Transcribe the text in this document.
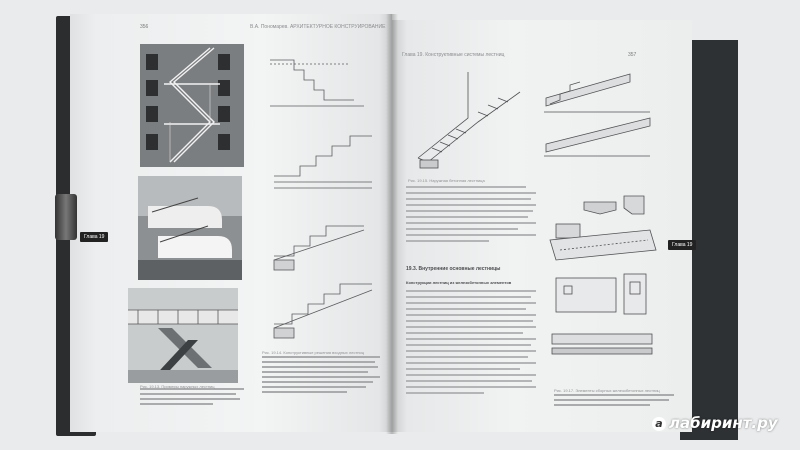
356	В.А. Пономарев. АРХИТЕКТУРНОЕ КОНСТРУИРОВАНИЕ
Рис. 19.13. Примеры наружных лестниц
Рис. 19.14. Конструктивные решения входных лестниц
Глава 19
Глава 19. Конструктивные системы лестниц	357
Рис. 19.15. Наружная бетонная лестница
19.3. Внутренние основные лестницы
Конструкции лестниц из железобетонных элементов
Рис. 19.17. Элементы сборных железобетонных лестниц
Глава 19
a лабиринт.ру
